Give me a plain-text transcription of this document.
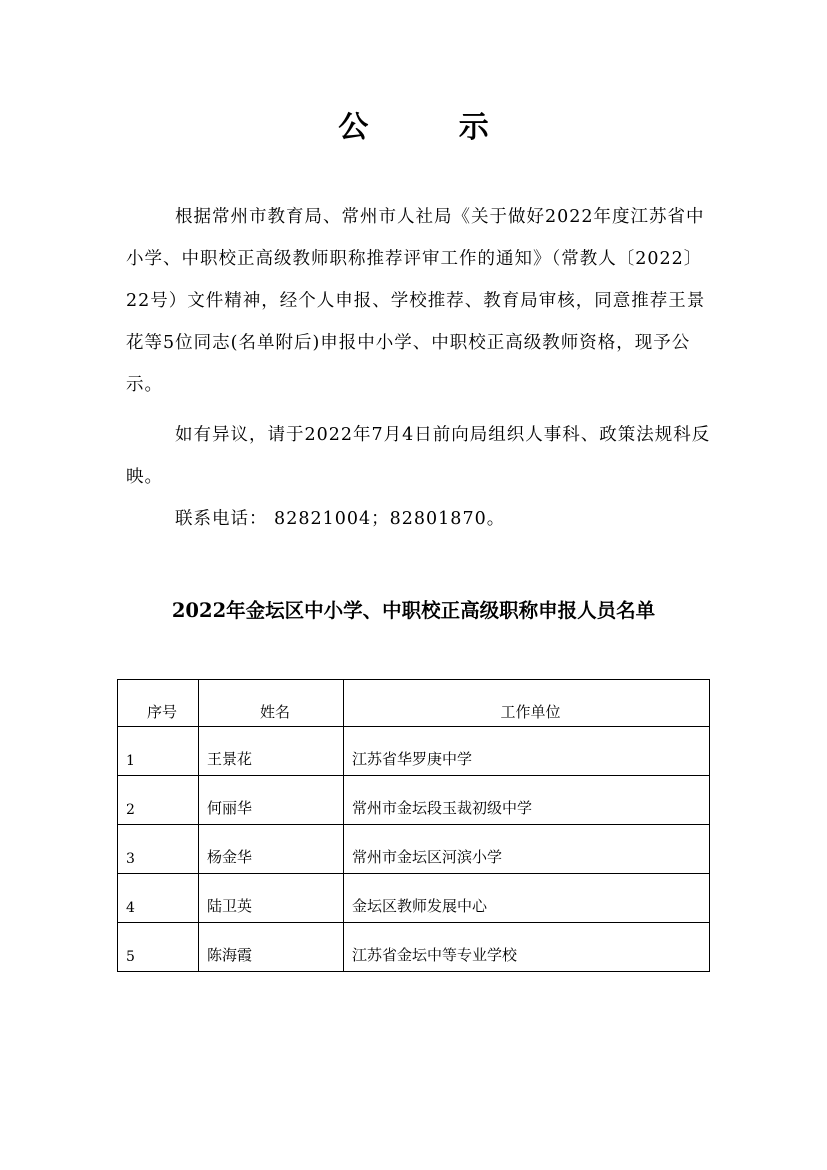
公 示

根据常州市教育局、常州市人社局《关于做好2022年度江苏省中小学、中职校正高级教师职称推荐评审工作的通知》（常教人〔2022〕22号）文件精神，经个人申报、学校推荐、教育局审核，同意推荐王景花等5位同志(名单附后)申报中小学、中职校正高级教师资格，现予公示。

如有异议，请于2022年7月4日前向局组织人事科、政策法规科反映。

联系电话： 82821004；82801870。

2022年金坛区中小学、中职校正高级职称申报人员名单
序号	姓名	工作单位
1	王景花	江苏省华罗庚中学
2	何丽华	常州市金坛段玉裁初级中学
3	杨金华	常州市金坛区河滨小学
4	陆卫英	金坛区教师发展中心
5	陈海霞	江苏省金坛中等专业学校
